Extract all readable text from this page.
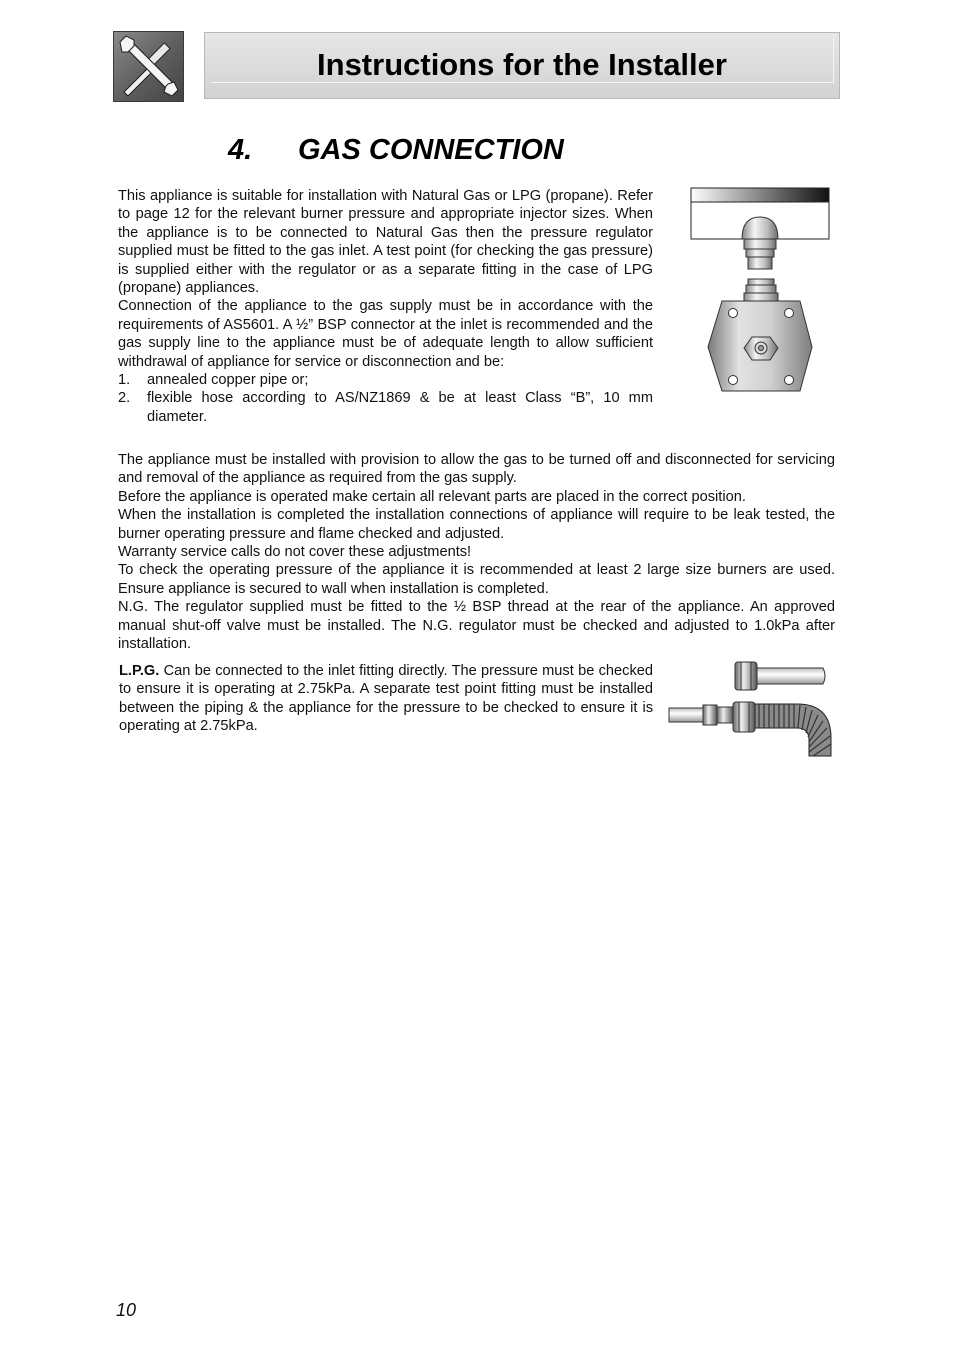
Instructions for the Installer
4. GAS CONNECTION

This appliance is suitable for installation with Natural Gas or LPG (propane). Refer to page 12 for the relevant burner pressure and appropriate injector sizes. When the appliance is to be connected to Natural Gas then the pressure regulator supplied must be fitted to the gas inlet. A test point (for checking the gas pressure) is supplied either with the regulator or as a separate fitting in the case of LPG (propane) appliances.

Connection of the appliance to the gas supply must be in accordance with the requirements of AS5601. A ½” BSP connector at the inlet is recommended and the gas supply line to the appliance must be of adequate length to allow sufficient withdrawal of appliance for service or disconnection and be:

1. annealed copper pipe or;
2. flexible hose according to AS/NZ1869 & be at least Class “B”, 10 mm diameter.

The appliance must be installed with provision to allow the gas to be turned off and disconnected for servicing and removal of the appliance as required from the gas supply.

Before the appliance is operated make certain all relevant parts are placed in the correct position.

When the installation is completed the installation connections of appliance will require to be leak tested, the burner operating pressure and flame checked and adjusted.

Warranty service calls do not cover these adjustments!

To check the operating pressure of the appliance it is recommended at least 2 large size burners are used. Ensure appliance is secured to wall when installation is completed.

N.G. The regulator supplied must be fitted to the ½ BSP thread at the rear of the appliance. An approved manual shut-off valve must be installed. The N.G. regulator must be checked and adjusted to 1.0kPa after installation.

L.P.G. Can be connected to the inlet fitting directly. The pressure must be checked to ensure it is operating at 2.75kPa. A separate test point fitting must be installed between the piping & the appliance for the pressure to be checked to ensure it is operating at 2.75kPa.

10
